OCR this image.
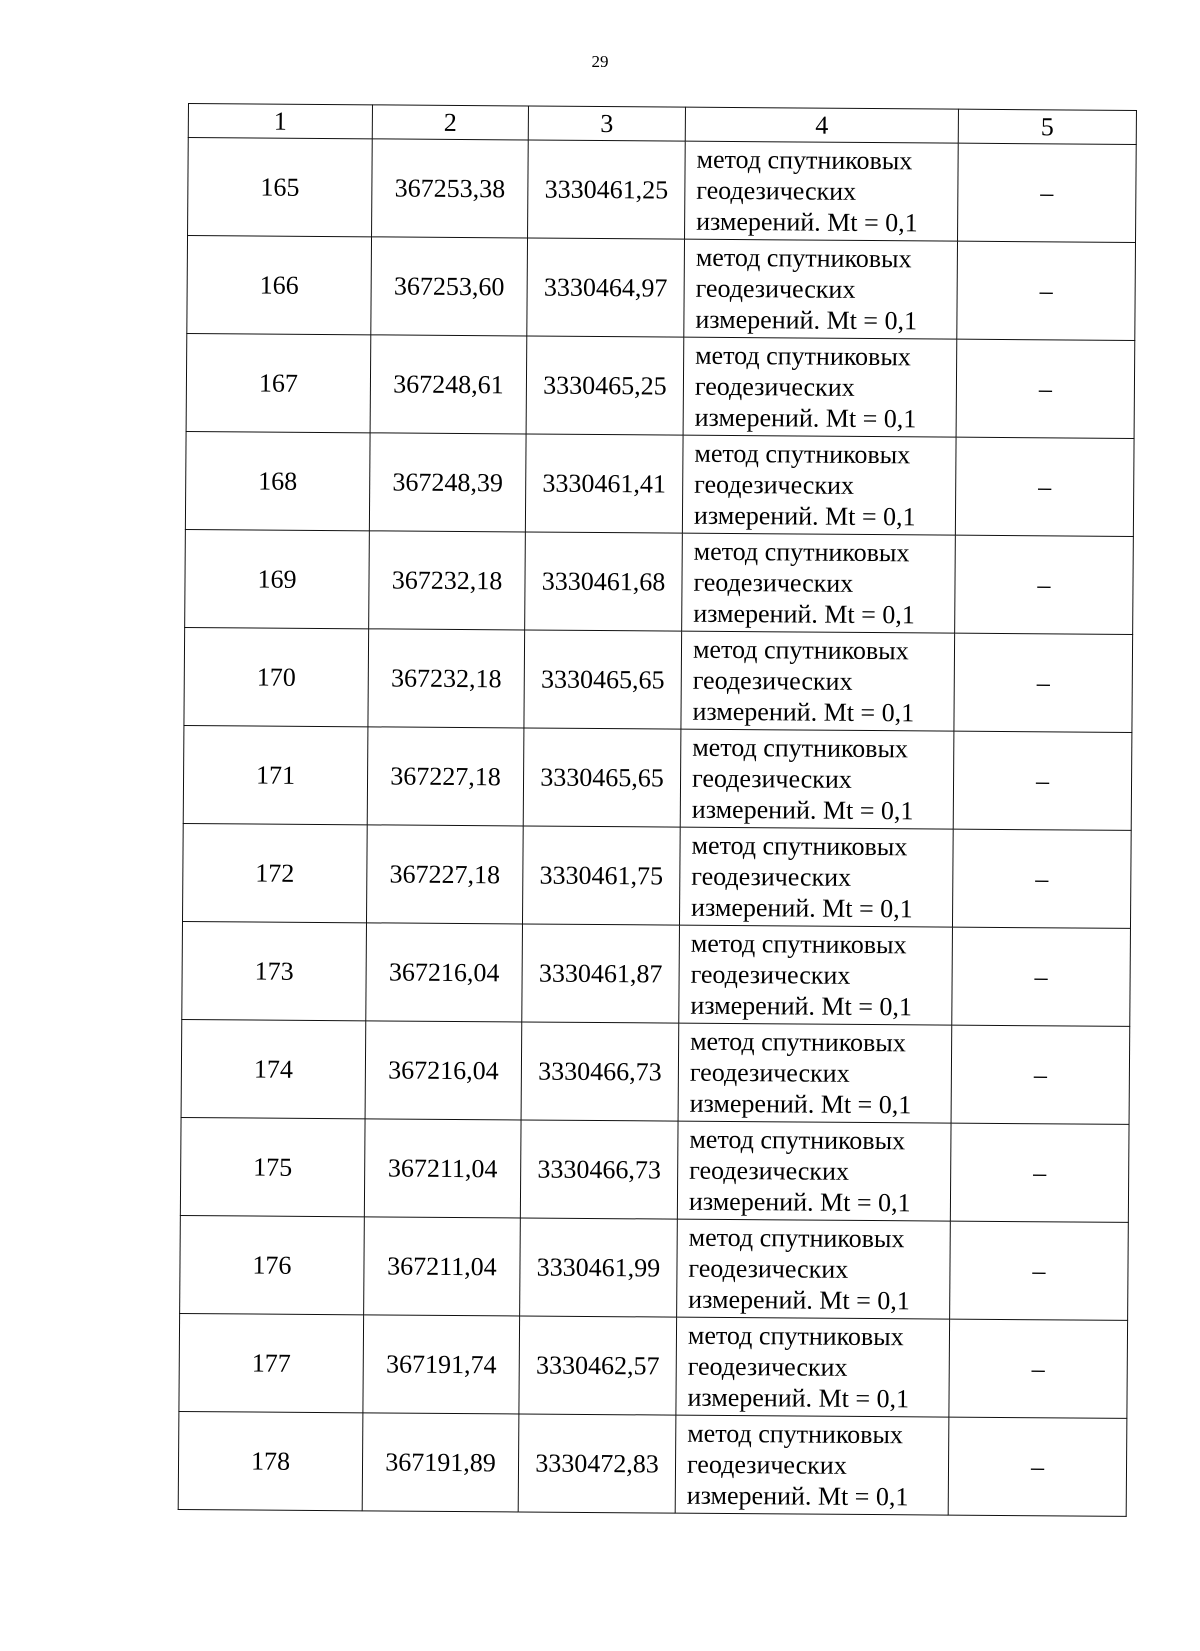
29
1	2	3	4	5
165	367253,38	3330461,25	метод спутниковых
геодезических
измерений. Mt = 0,1	–
166	367253,60	3330464,97	метод спутниковых
геодезических
измерений. Mt = 0,1	–
167	367248,61	3330465,25	метод спутниковых
геодезических
измерений. Mt = 0,1	–
168	367248,39	3330461,41	метод спутниковых
геодезических
измерений. Mt = 0,1	–
169	367232,18	3330461,68	метод спутниковых
геодезических
измерений. Mt = 0,1	–
170	367232,18	3330465,65	метод спутниковых
геодезических
измерений. Mt = 0,1	–
171	367227,18	3330465,65	метод спутниковых
геодезических
измерений. Mt = 0,1	–
172	367227,18	3330461,75	метод спутниковых
геодезических
измерений. Mt = 0,1	–
173	367216,04	3330461,87	метод спутниковых
геодезических
измерений. Mt = 0,1	–
174	367216,04	3330466,73	метод спутниковых
геодезических
измерений. Mt = 0,1	–
175	367211,04	3330466,73	метод спутниковых
геодезических
измерений. Mt = 0,1	–
176	367211,04	3330461,99	метод спутниковых
геодезических
измерений. Mt = 0,1	–
177	367191,74	3330462,57	метод спутниковых
геодезических
измерений. Mt = 0,1	–
178	367191,89	3330472,83	метод спутниковых
геодезических
измерений. Mt = 0,1	–
